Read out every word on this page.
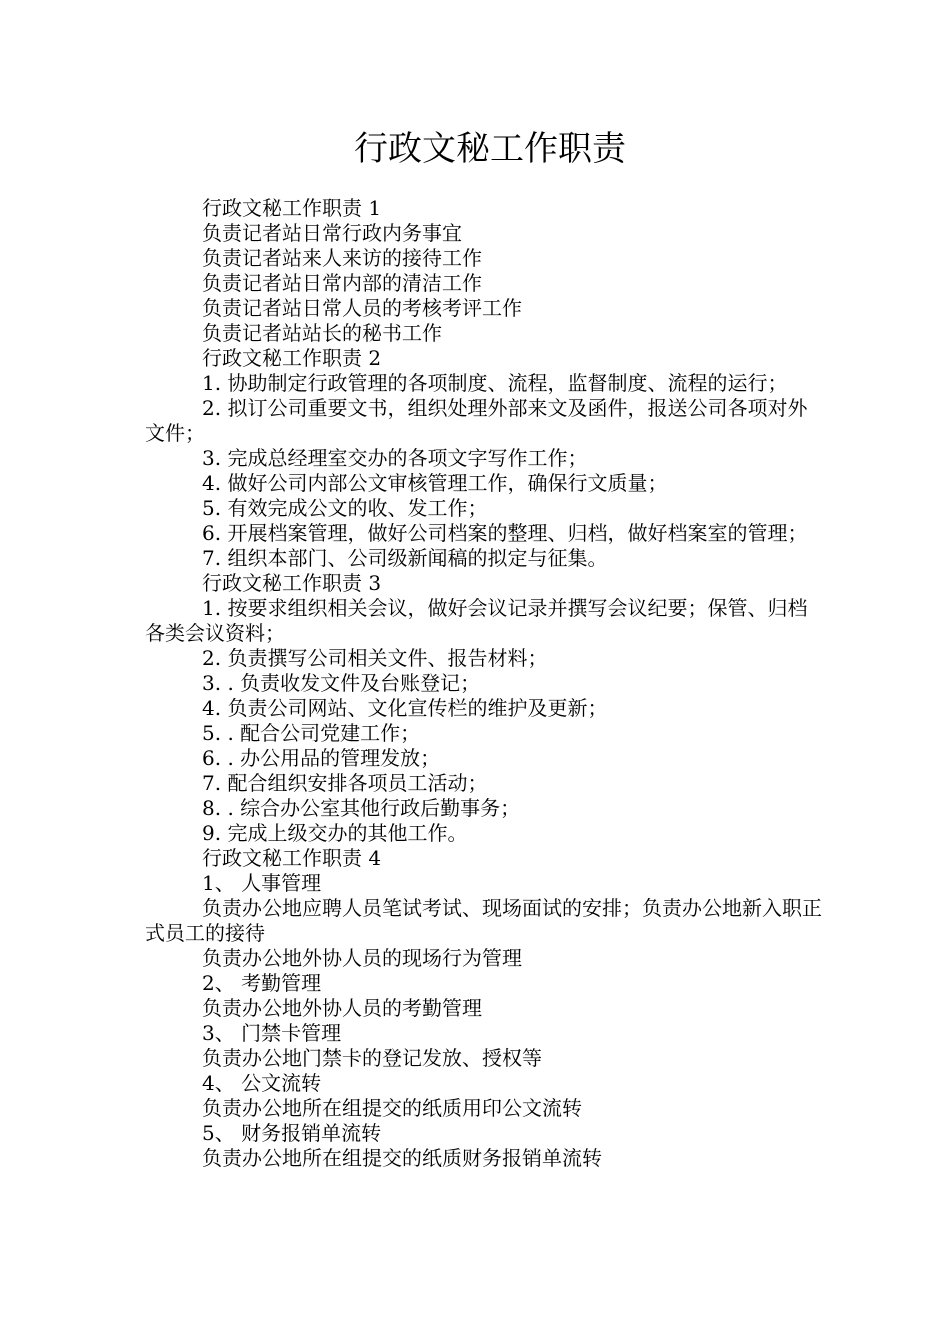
行政文秘工作职责

行政文秘工作职责 1

负责记者站日常行政内务事宜

负责记者站来人来访的接待工作

负责记者站日常内部的清洁工作

负责记者站日常人员的考核考评工作

负责记者站站长的秘书工作

行政文秘工作职责 2

1. 协助制定行政管理的各项制度、流程，监督制度、流程的运行；

2. 拟订公司重要文书，组织处理外部来文及函件，报送公司各项对外文件；

3. 完成总经理室交办的各项文字写作工作；

4. 做好公司内部公文审核管理工作，确保行文质量；

5. 有效完成公文的收、发工作；

6. 开展档案管理，做好公司档案的整理、归档，做好档案室的管理；

7. 组织本部门、公司级新闻稿的拟定与征集。

行政文秘工作职责 3

1. 按要求组织相关会议，做好会议记录并撰写会议纪要；保管、归档各类会议资料；

2. 负责撰写公司相关文件、报告材料；

3. . 负责收发文件及台账登记；

4. 负责公司网站、文化宣传栏的维护及更新；

5. . 配合公司党建工作；

6. . 办公用品的管理发放；

7. 配合组织安排各项员工活动；

8. . 综合办公室其他行政后勤事务；

9. 完成上级交办的其他工作。

行政文秘工作职责 4

1、 人事管理

负责办公地应聘人员笔试考试、现场面试的安排；负责办公地新入职正式员工的接待

负责办公地外协人员的现场行为管理

2、 考勤管理

负责办公地外协人员的考勤管理

3、 门禁卡管理

负责办公地门禁卡的登记发放、授权等

4、 公文流转

负责办公地所在组提交的纸质用印公文流转

5、 财务报销单流转

负责办公地所在组提交的纸质财务报销单流转
